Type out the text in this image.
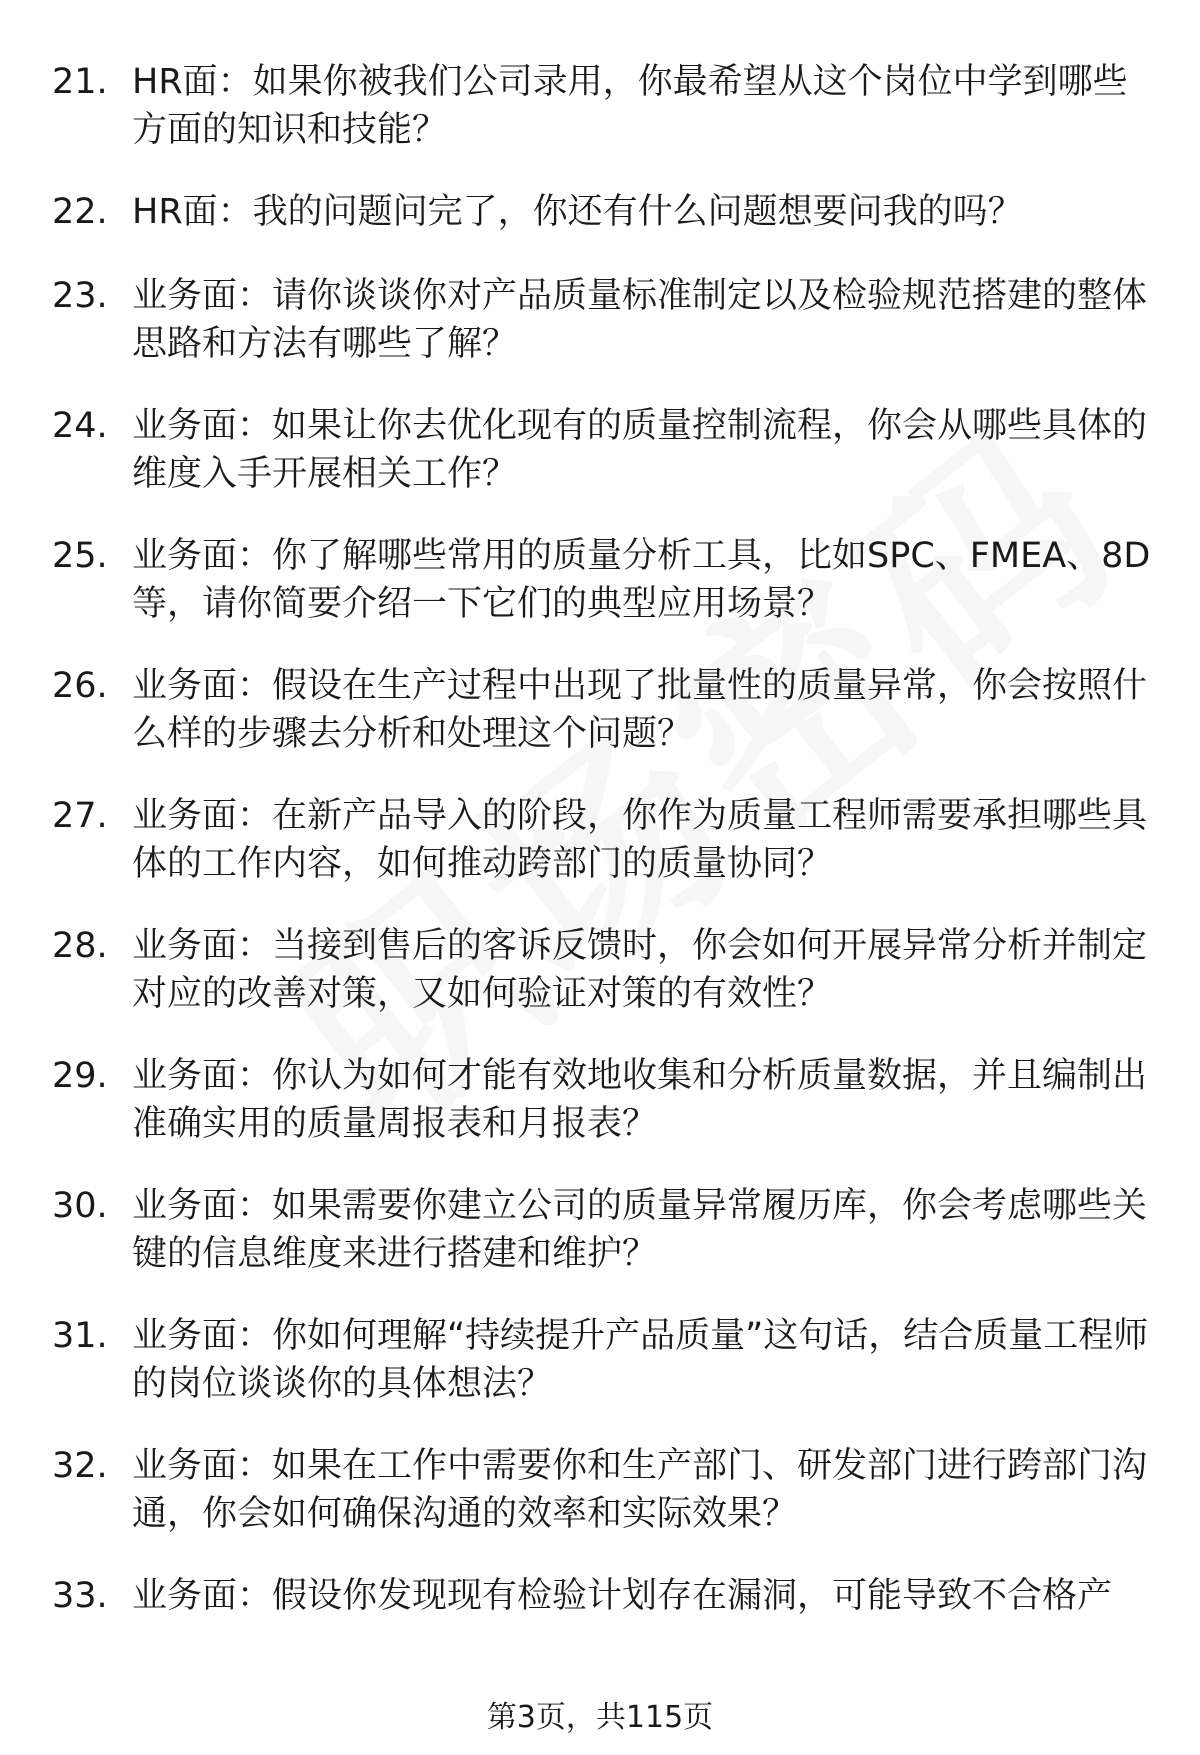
21. HR面：如果你被我们公司录用，你最希望从这个岗位中学到哪些方面的知识和技能？
22. HR面：我的问题问完了，你还有什么问题想要问我的吗？
23. 业务面：请你谈谈你对产品质量标准制定以及检验规范搭建的整体思路和方法有哪些了解？
24. 业务面：如果让你去优化现有的质量控制流程，你会从哪些具体的维度入手开展相关工作？
25. 业务面：你了解哪些常用的质量分析工具，比如SPC、FMEA、8D等，请你简要介绍一下它们的典型应用场景？
26. 业务面：假设在生产过程中出现了批量性的质量异常，你会按照什么样的步骤去分析和处理这个问题？
27. 业务面：在新产品导入的阶段，你作为质量工程师需要承担哪些具体的工作内容，如何推动跨部门的质量协同？
28. 业务面：当接到售后的客诉反馈时，你会如何开展异常分析并制定对应的改善对策，又如何验证对策的有效性？
29. 业务面：你认为如何才能有效地收集和分析质量数据，并且编制出准确实用的质量周报表和月报表？
30. 业务面：如果需要你建立公司的质量异常履历库，你会考虑哪些关键的信息维度来进行搭建和维护？
31. 业务面：你如何理解“持续提升产品质量”这句话，结合质量工程师的岗位谈谈你的具体想法？
32. 业务面：如果在工作中需要你和生产部门、研发部门进行跨部门沟通，你会如何确保沟通的效率和实际效果？
33. 业务面：假设你发现现有检验计划存在漏洞，可能导致不合格产
第3页，共115页
